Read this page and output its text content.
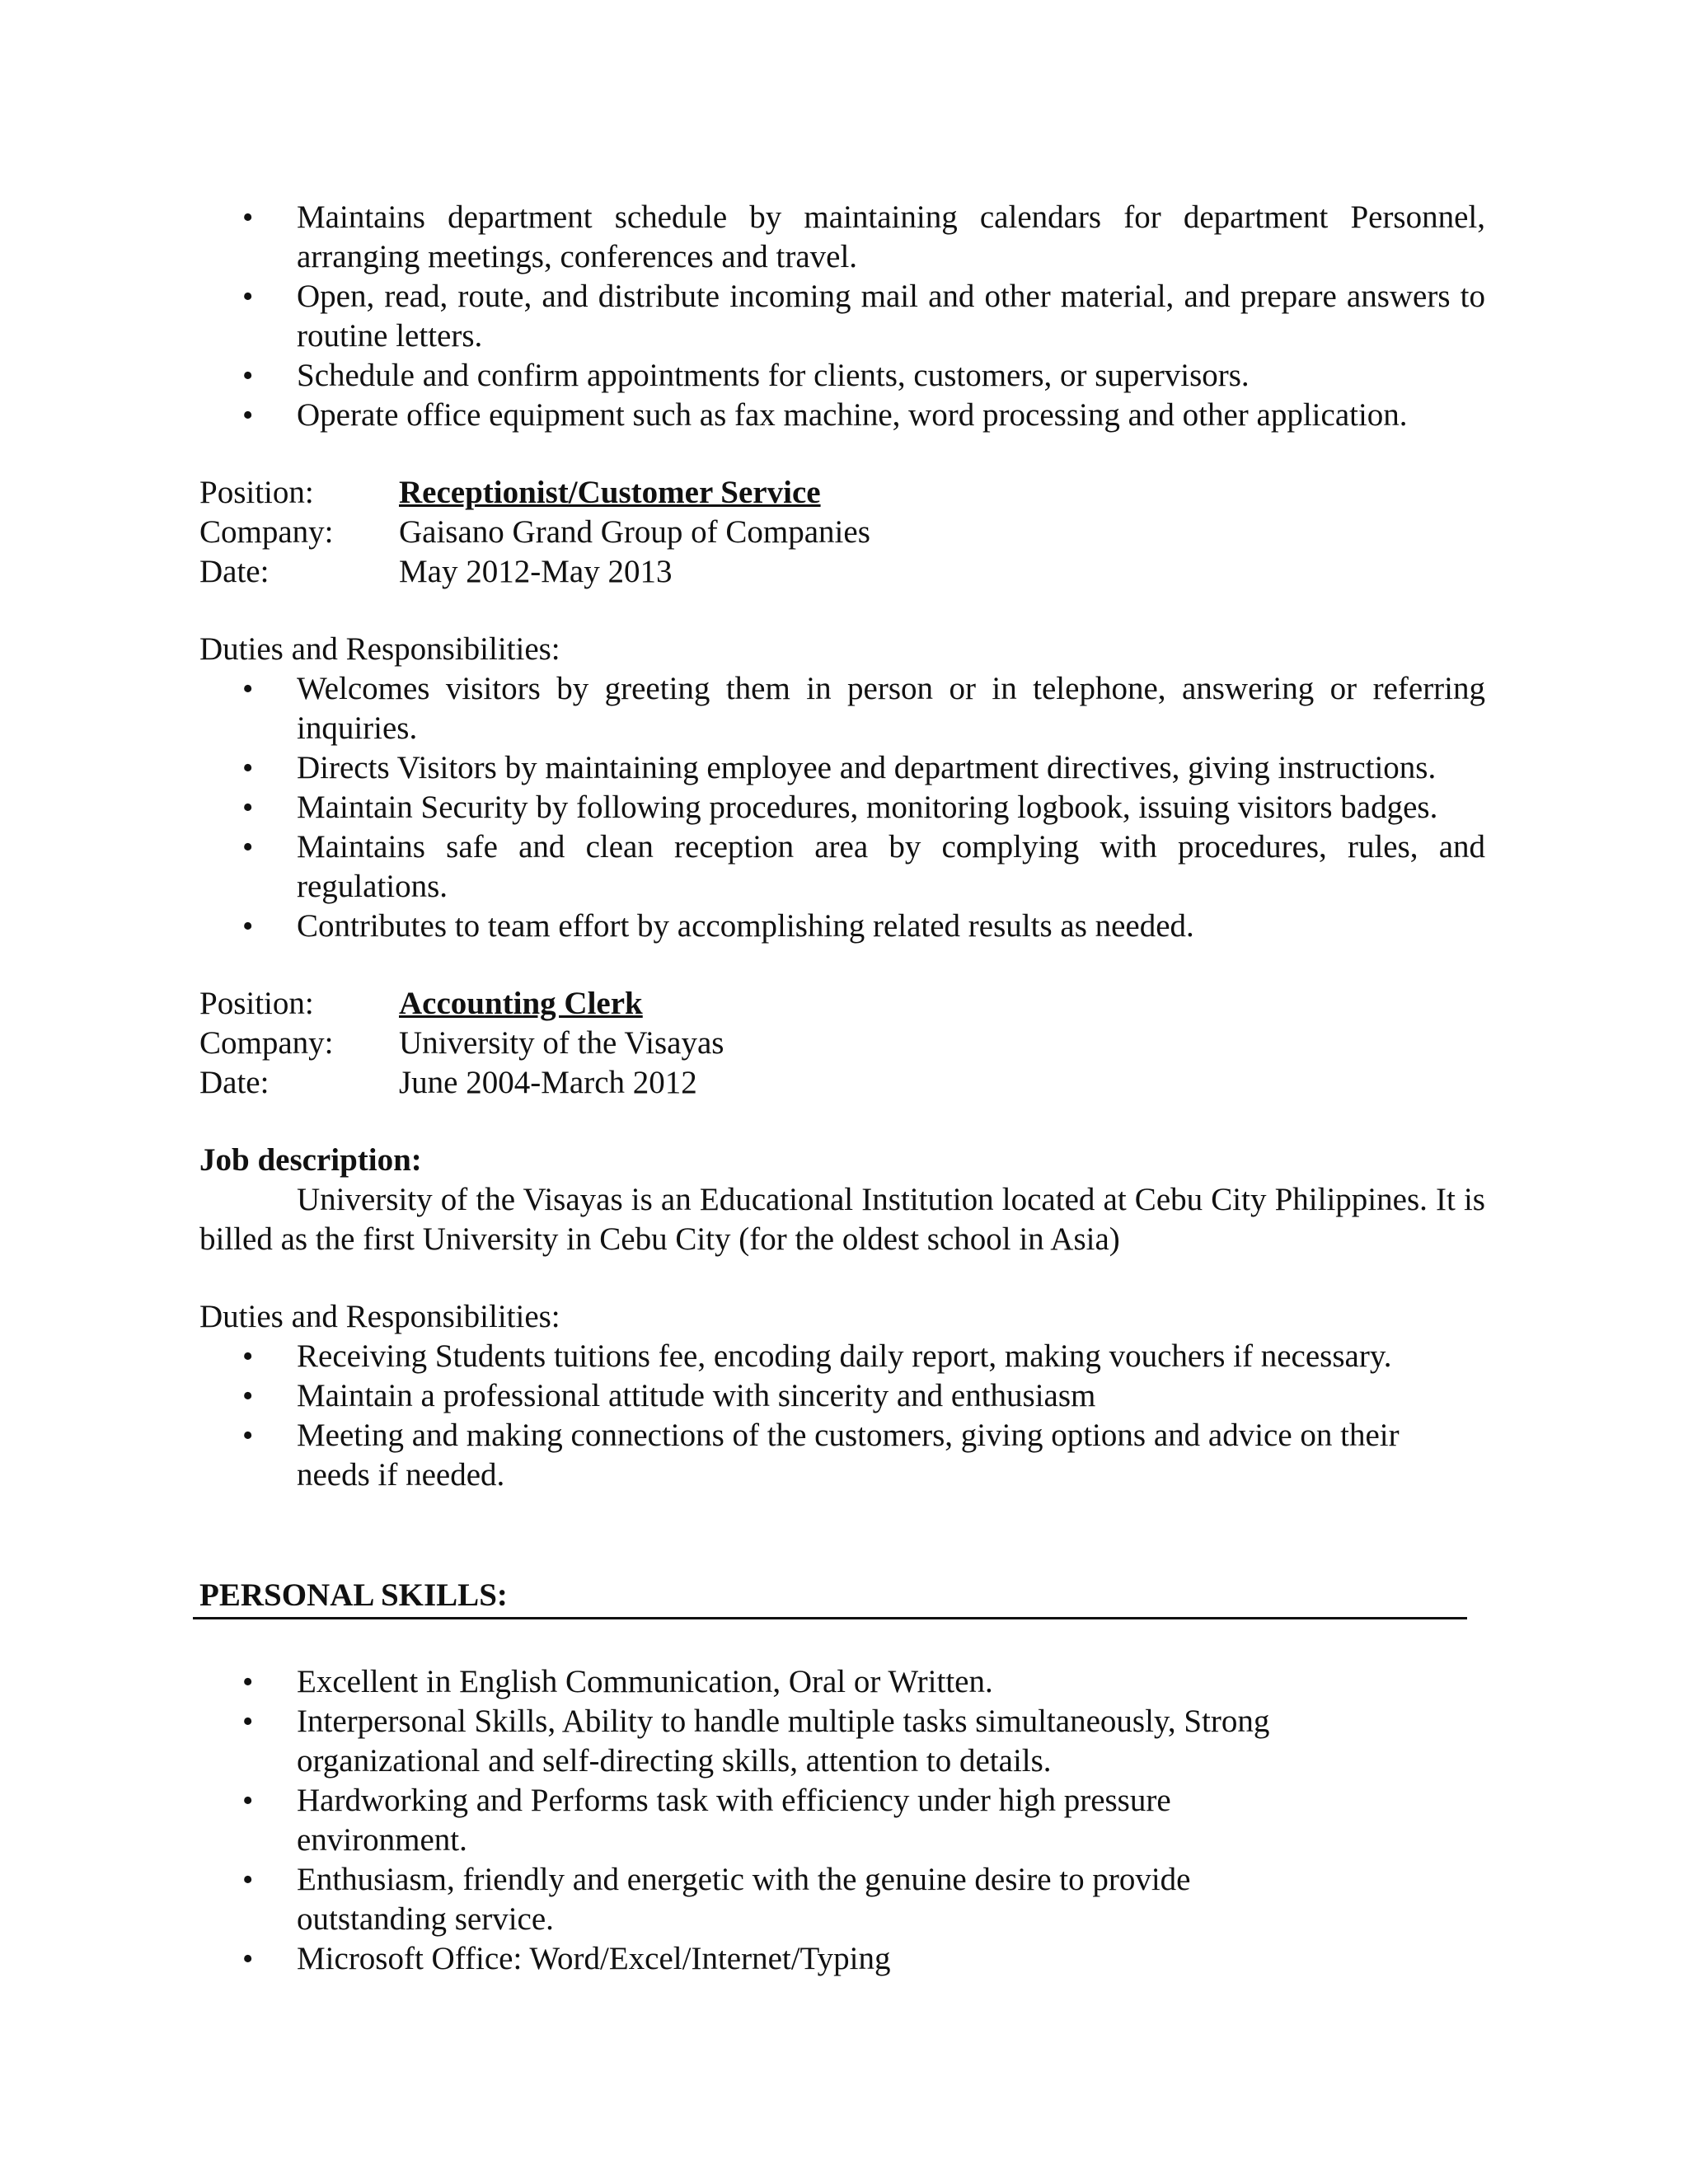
• Maintains department schedule by maintaining calendars for department Personnel, arranging meetings, conferences and travel.
• Open, read, route, and distribute incoming mail and other material, and prepare answers to routine letters.
• Schedule and confirm appointments for clients, customers, or supervisors.
• Operate office equipment such as fax machine, word processing and other application.
Position:	Receptionist/Customer Service
Company:	Gaisano Grand Group of Companies
Date:	May 2012-May 2013
Duties and Responsibilities:
• Welcomes visitors by greeting them in person or in telephone, answering or referring inquiries.
• Directs Visitors by maintaining employee and department directives, giving instructions.
• Maintain Security by following procedures, monitoring logbook, issuing visitors badges.
• Maintains safe and clean reception area by complying with procedures, rules, and regulations.
• Contributes to team effort by accomplishing related results as needed.
Position:	Accounting Clerk
Company:	University of the Visayas
Date:	June 2004-March 2012
Job description:
University of the Visayas is an Educational Institution located at Cebu City Philippines. It is billed as the first University in Cebu City (for the oldest school in Asia)
Duties and Responsibilities:
• Receiving Students tuitions fee, encoding daily report, making vouchers if necessary.
• Maintain a professional attitude with sincerity and enthusiasm
• Meeting and making connections of the customers, giving options and advice on their needs if needed.
PERSONAL SKILLS:
• Excellent in English Communication, Oral or Written.
• Interpersonal Skills, Ability to handle multiple tasks simultaneously, Strong organizational and self-directing skills, attention to details.
• Hardworking and Performs task with efficiency under high pressure environment.
• Enthusiasm, friendly and energetic with the genuine desire to provide outstanding service.
• Microsoft Office: Word/Excel/Internet/Typing
